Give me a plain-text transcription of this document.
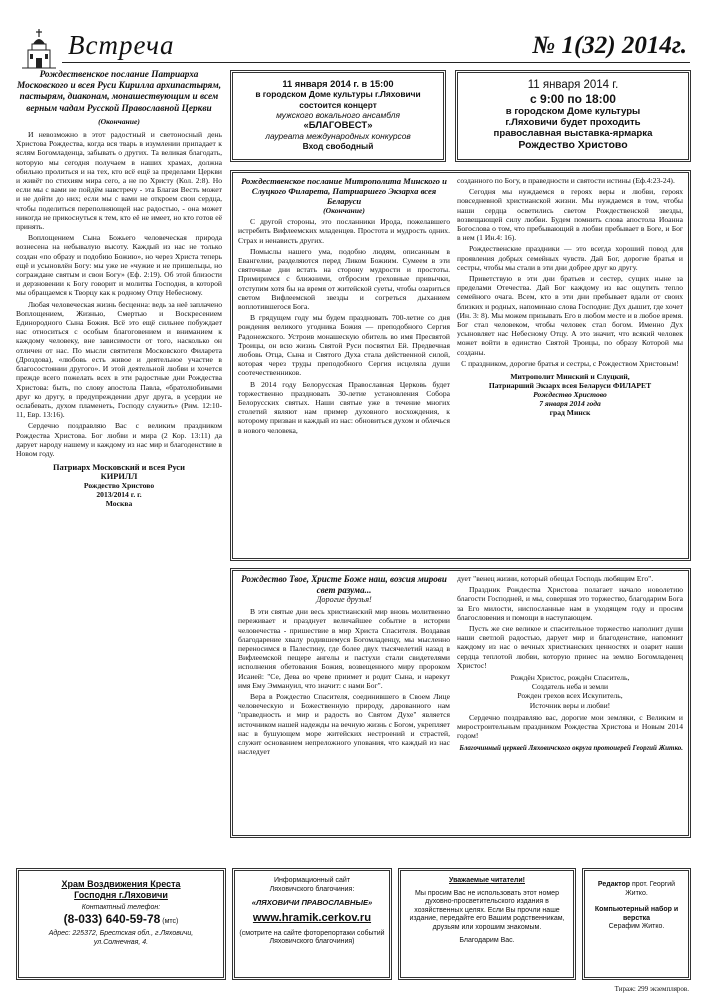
Встреча	№ 1(32) 2014г.
Рождественское послание Патриарха Московского и всея Руси Кирилла архипастырям, пастырям, диаконам, монашествующим и всем верным чадам Русской Православной Церкви
(Окончание)

И невозможно в этот радостный и светоносный день Христова Рождества, когда вся тварь в изумлении припадает к яслям Богомладенца, забывать о других. Та великая благодать, которую мы сегодня получаем в наших храмах, должна обильно пролиться и на тех, кто всё ещё за пределами Церкви и живёт по стихиям мира сего, а не по Христу (Кол. 2:8). Но если мы с вами не пойдём навстречу - эта Благая Весть может и не дойти до них; если мы с вами не откроем свои сердца, чтобы поделиться переполняющей нас радостью, - она может никогда не прикоснуться к тем, кто её не имеет, но кто готов её принять.

Воплощением Сына Божьего человеческая природа вознесена на небывалую высоту. Каждый из нас не только создан «по образу и подобию Божию», но через Христа теперь ещё и усыновлён Богу: мы уже не «чужие и не пришельцы, но сограждане святым и свои Богу» (Еф. 2:19). Об этой близости и дерзновении к Богу говорит и молитва Господня, в которой мы обращаемся к Творцу как к родному Отцу Небесному.

Любая человеческая жизнь бесценна: ведь за неё заплачено Воплощением, Жизнью, Смертью и Воскресением Единородного Сына Божия. Всё это ещё сильнее побуждает нас относиться с особым благоговением и вниманием к каждому человеку, вне зависимости от того, насколько он отличен от нас. По мысли святителя Московского Филарета (Дроздова), «любовь есть живое и деятельное участие в благосостоянии другого». И этой деятельной любви и хочется прежде всего пожелать всех в эти радостные дни Рождества Христова: быть, по слову апостола Павла, «братолюбивыми друг ко другу, в предупреждении друг друга, в усердии не ослабевать, духом пламенеть, Господу служить» (Рим. 12:10-11, Евр. 13:16).

Сердечно поздравляю Вас с великим праздником Рождества Христова. Бог любви и мира (2 Кор. 13:11) да дарует народу нашему и каждому из нас мир и благоденствие в Новом году.

Патриарх Московский и всея Руси
КИРИЛЛ
Рождество Христово
2013/2014 г. г.
Москва
11 января 2014 г. в 15:00
в городском Доме культуры г.Ляховичи
состоится концерт
мужского вокального ансамбля
«БЛАГОВЕСТ»
лауреата международных конкурсов
Вход свободный
11 января 2014 г.
с 9:00 по 18:00
в городском Доме культуры
г.Ляховичи будет проходить
православная выставка-ярмарка
Рождество Христово
Рождественское послание Митрополита Минского и Слуцкого Филарета, Патриаршего Экзарха всея Беларуси
(Окончание)

С другой стороны, это посланники Ирода, пожелавшего истребить Вифлеемских младенцев. Простота и мудрость одних. Страх и ненависть других.

Помыслы нашего ума, подобно людям, описанным в Евангелии, разделяются перед Ликом Божиим. Сумеем в эти святочные дни встать на сторону мудрости и простоты. Примиримся с ближними, отбросим греховные привычки, отступим хотя бы на время от житейской суеты, чтобы озариться светом Вифлеемской звезды и согреться дыханием воплотившегося Бога.

В грядущем году мы будем праздновать 700-летие со дня рождения великого угодника Божия — преподобного Сергия Радонежского. Устроив монашескую обитель во имя Пресвятой Троицы, он всю жизнь Святой Руси посвятил Ей. Предвечная любовь Отца, Сына и Святого Духа стала действенной силой, которая через труды преподобного Сергия исцеляла души соотечественников.

В 2014 году Белорусская Православная Церковь будет торжественно праздновать 30-летие установления Собора Белорусских святых. Наши святые уже в течение многих столетий являют нам пример духовного восхождения, к которому призван и каждый из нас: обновиться духом и облечься в нового человека,

созданного по Богу, в праведности и святости истины (Еф.4:23-24).

Сегодня мы нуждаемся в героях веры и любви, героях повседневной христианской жизни. Мы нуждаемся в том, чтобы наши сердца осветились светом Рождественской звезды, возвещающей силу любви. Будем помнить слова апостола Иоанна Богослова о том, что пребывающий в любви пребывает в Боге, и Бог в нем (1 Ин.4: 16).

Рождественские праздники — это всегда хороший повод для проявления добрых семейных чувств. Дай Бог, дорогие братья и сестры, чтобы мы стали в эти дни добрее друг ко другу.

Приветствую в эти дни братьев и сестер, сущих ныне за пределами Отечества. Дай Бог каждому из вас ощутить тепло семейного очага. Всем, кто в эти дни пребывает вдали от своих близких и родных, напоминаю слова Господни: Дух дышит, где хочет (Ин. 3: 8). Мы можем призывать Его в любом месте и в любое время. Бог стал человеком, чтобы человек стал богом. Именно Дух усыновляет нас Небесному Отцу. А это значит, что всякий человек может войти в единство Святой Троицы, по образу Которой мы созданы.

С праздником, дорогие братья и сестры, с Рождеством Христовым!
Митрополит Минский и Слуцкий,
Патриарший Экзарх всея Беларуси ФИЛАРЕТ
Рождество Христово
7 января 2014 года
град Минск
Рождество Твое, Христе Боже наш, возсия мирови свет разума...
Дорогие друзья!

В эти святые дни весь христианский мир вновь молитвенно переживает и празднует величайшее событие в истории человечества - пришествие в мир Христа Спасителя. Воздавая благодарение хвалу родившемуся Богомладенцу, мы мысленно переносимся в Палестину, где более двух тысячелетий назад в Вифлеемской пещере ангелы и пастухи стали свидетелями исполнения обетования Божия, возвещенного миру пророком Исаией: "Се, Дева во чреве приимет и родит Сына, и нарекут имя Ему Эммануил, что значит: с нами Бог".

Вера в Рождество Спасителя, соединившего в Своем Лице человеческую и Божественную природу, дарованного нам "праведность и мир и радость во Святом Духе" является источником нашей надежды на вечную жизнь с Богом, укрепляет нас в бушующем море житейских нестроений и страстей, служит основанием непреложного упования, что каждый из нас наследует

дует "венец жизни, который обещал Господь любящим Его".

Праздник Рождества Христова полагает начало новолетию благости Господней, и мы, совершая это торжество, благодарим Бога за Его милости, ниспосланные нам в уходящем году и просим благословения и помощи в наступающем.

Пусть же сие великое и спасительное торжество наполнит души наши светлой радостью, дарует мир и благоденствие, напомнит каждому из нас о вечных христианских ценностях и озарит наши сердца теплотой любви, которую принес на землю Богомладенец Христос!

Рождён Христос, рождён Спаситель,
Создатель неба и земли
Рожден грехов всех Искупитель,
Источник веры и любви!

Сердечно поздравляю вас, дорогие мои земляки, с Великим и миростроительным праздником Рождества Христова и Новым 2014 годом!

Благочинный церквей Ляховичского округа протоиерей Георгий Житко.
Храм Воздвижения Креста
Господня г.Ляховичи
Контактный телефон:
(8-033) 640-59-78 (мтс)
Адрес: 225372, Брестская обл., г.Ляховичи, ул.Солнечная, 4.
Информационный сайт
Ляховичского благочиния:
«ЛЯХОВИЧИ ПРАВОСЛАВНЫЕ»
www.hramik.cerkov.ru
(смотрите на сайте фоторепортажи событий Ляховичского благочиния)
Уважаемые читатели!
Мы просим Вас не использовать этот номер духовно-просветительского издания в хозяйственных целях. Если Вы прочли наше издание, передайте его Вашим родственникам, друзьям или хорошим знакомым.
Благодарим Вас.
Редактор прот. Георгий Житко.
Компьютерный набор и верстка
Серафим Житко.
Тираж: 299 экземпляров.
